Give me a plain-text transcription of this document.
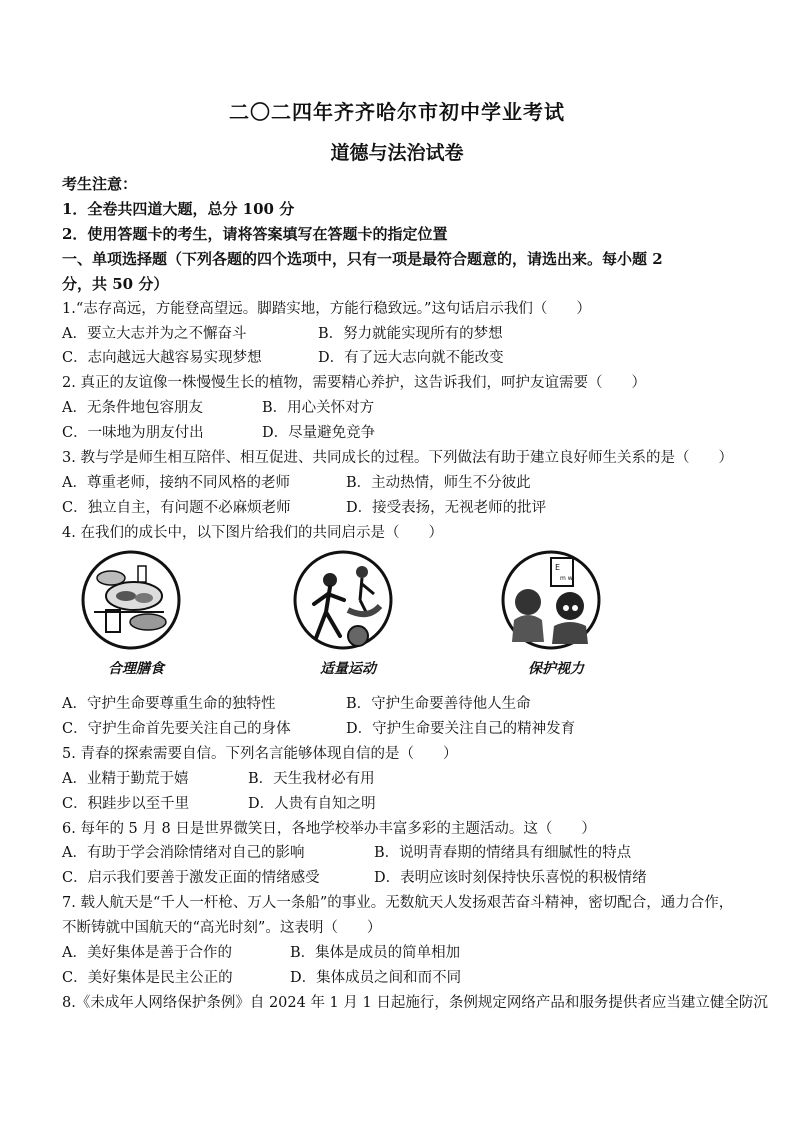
二〇二四年齐齐哈尔市初中学业考试
道德与法治试卷
考生注意：
1．全卷共四道大题，总分 100 分
2．使用答题卡的考生，请将答案填写在答题卡的指定位置
一、单项选择题（下列各题的四个选项中，只有一项是最符合题意的，请选出来。每小题 2
分，共 50 分）
1.“志存高远，方能登高望远。脚踏实地，方能行稳致远。”这句话启示我们（　　）
A．要立大志并为之不懈奋斗	B．努力就能实现所有的梦想
C．志向越远大越容易实现梦想	D．有了远大志向就不能改变
2. 真正的友谊像一株慢慢生长的植物，需要精心养护，这告诉我们，呵护友谊需要（　　）
A．无条件地包容朋友	B．用心关怀对方
C．一味地为朋友付出	D．尽量避免竞争
3. 教与学是师生相互陪伴、相互促进、共同成长的过程。下列做法有助于建立良好师生关系的是（　　）
A．尊重老师，接纳不同风格的老师	B．主动热情，师生不分彼此
C．独立自主，有问题不必麻烦老师	D．接受表扬，无视老师的批评
4. 在我们的成长中，以下图片给我们的共同启示是（　　）
合理膳食	适量运动
E
m w
保护视力
A．守护生命要尊重生命的独特性	B．守护生命要善待他人生命
C．守护生命首先要关注自己的身体	D．守护生命要关注自己的精神发育
5. 青春的探索需要自信。下列名言能够体现自信的是（　　）
A．业精于勤荒于嬉	B．天生我材必有用
C．积跬步以至千里	D．人贵有自知之明
6. 每年的 5 月 8 日是世界微笑日，各地学校举办丰富多彩的主题活动。这（　　）
A．有助于学会消除情绪对自己的影响	B．说明青春期的情绪具有细腻性的特点
C．启示我们要善于激发正面的情绪感受	D．表明应该时刻保持快乐喜悦的积极情绪
7. 载人航天是“千人一杆枪、万人一条船”的事业。无数航天人发扬艰苦奋斗精神，密切配合，通力合作，
不断铸就中国航天的“高光时刻”。这表明（　　）
A．美好集体是善于合作的	B．集体是成员的简单相加
C．美好集体是民主公正的	D．集体成员之间和而不同
8.《未成年人网络保护条例》自 2024 年 1 月 1 日起施行，条例规定网络产品和服务提供者应当建立健全防沉
